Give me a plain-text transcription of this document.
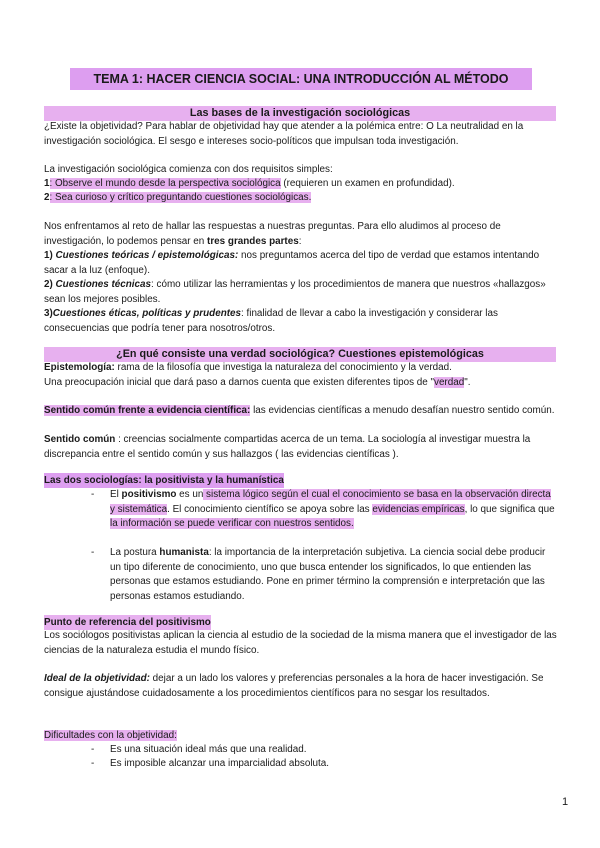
TEMA 1: HACER CIENCIA SOCIAL: UNA INTRODUCCIÓN AL MÉTODO
Las bases de la investigación sociológicas

¿Existe la objetividad? Para hablar de objetividad hay que atender a la polémica entre: O La neutralidad en la investigación sociológica. El sesgo e intereses socio-políticos que impulsan toda investigación.

La investigación sociológica comienza con dos requisitos simples:

1: Observe el mundo desde la perspectiva sociológica (requieren un examen en profundidad).

2: Sea curioso y crítico preguntando cuestiones sociológicas.

Nos enfrentamos al reto de hallar las respuestas a nuestras preguntas. Para ello aludimos al proceso de investigación, lo podemos pensar en tres grandes partes:

1) Cuestiones teóricas / epistemológicas: nos preguntamos acerca del tipo de verdad que estamos intentando sacar a la luz (enfoque).

2) Cuestiones técnicas: cómo utilizar las herramientas y los procedimientos de manera que nuestros «hallazgos» sean los mejores posibles.

3)Cuestiones éticas, políticas y prudentes: finalidad de llevar a cabo la investigación y considerar las consecuencias que podría tener para nosotros/otros.

¿En qué consiste una verdad sociológica? Cuestiones epistemológicas

Epistemología: rama de la filosofía que investiga la naturaleza del conocimiento y la verdad.
Una preocupación inicial que dará paso a darnos cuenta que existen diferentes tipos de "verdad".

Sentido común frente a evidencia científica: las evidencias científicas a menudo desafían nuestro sentido común.

Sentido común : creencias socialmente compartidas acerca de un tema. La sociología al investigar muestra la discrepancia entre el sentido común y sus hallazgos ( las evidencias científicas ).

Las dos sociologías: la positivista y la humanística
- El positivismo es un sistema lógico según el cual el conocimiento se basa en la observación directa y sistemática. El conocimiento científico se apoya sobre las evidencias empíricas, lo que significa que la información se puede verificar con nuestros sentidos.
- La postura humanista: la importancia de la interpretación subjetiva. La ciencia social debe producir un tipo diferente de conocimiento, uno que busca entender los significados, lo que entienden las personas que estamos estudiando. Pone en primer término la comprensión e interpretación que las personas estamos estudiando.
Punto de referencia del positivismo

Los sociólogos positivistas aplican la ciencia al estudio de la sociedad de la misma manera que el investigador de las ciencias de la naturaleza estudia el mundo físico.

Ideal de la objetividad: dejar a un lado los valores y preferencias personales a la hora de hacer investigación. Se consigue ajustándose cuidadosamente a los procedimientos científicos para no sesgar los resultados.

Dificultades con la objetividad:

- Es una situación ideal más que una realidad.
- Es imposible alcanzar una imparcialidad absoluta.
1
